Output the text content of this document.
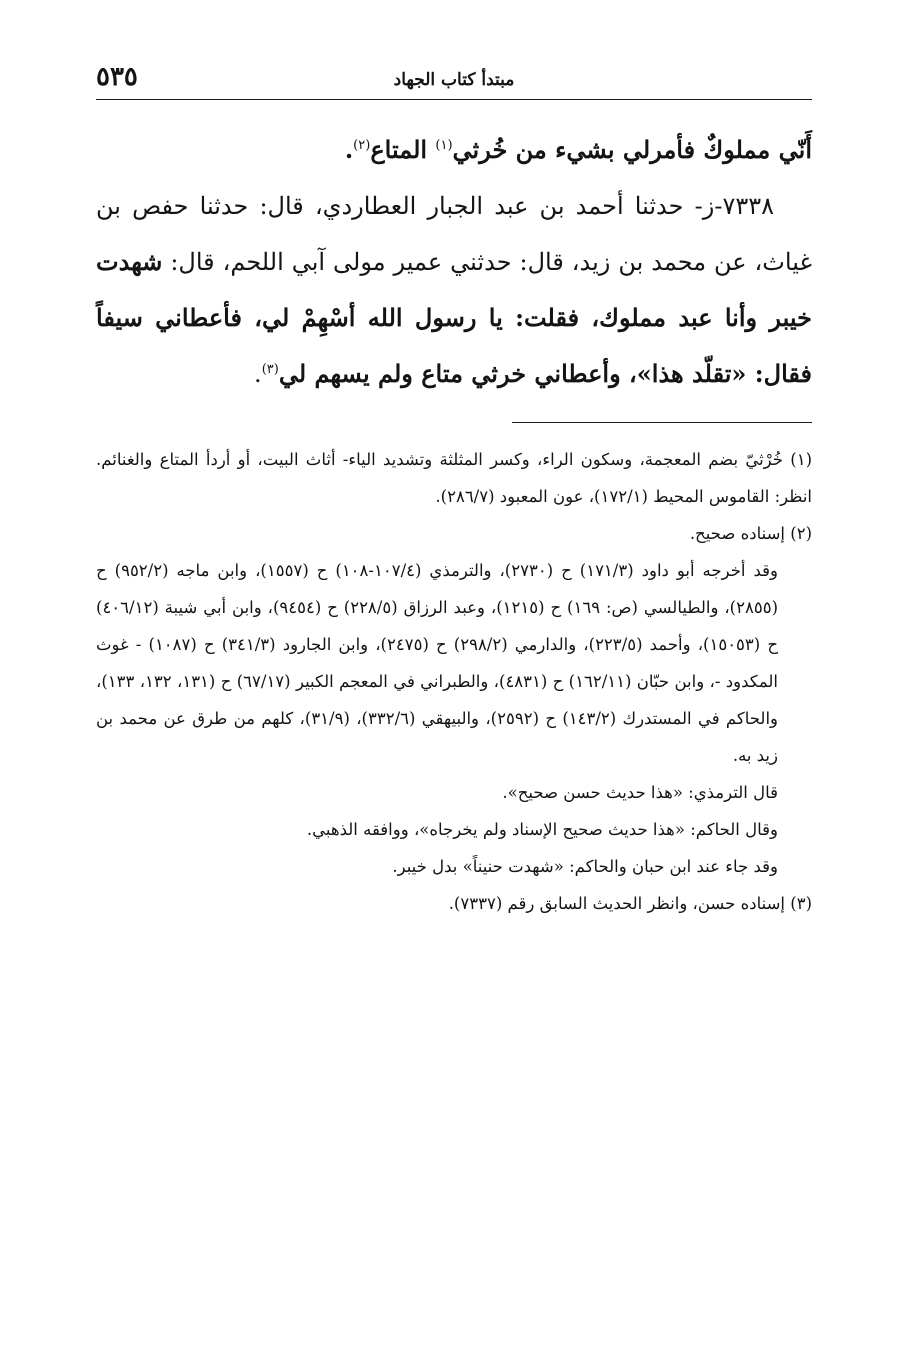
٥٣٥	مبتدأ كتاب الجهاد

أَنّي مملوكٌ فأمرلي بشيء من خُرثي$^{(١)}$ المتاع$^{(٢)}$.

٧٣٣٨-ز- حدثنا أحمد بن عبد الجبار العطاردي، قال: حدثنا حفص بن غياث، عن محمد بن زيد، قال: حدثني عمير مولى آبي اللحم، قال: شهدت خيبر وأنا عبد مملوك، فقلت: يا رسول الله أسْهِمْ لي، فأعطاني سيفاً فقال: «تقلّد هذا»، وأعطاني خرثي متاع ولم يسهم لي$^{(٣)}$.

(١) خُرْثيّ بضم المعجمة، وسكون الراء، وكسر المثلثة وتشديد الياء- أثاث البيت، أو أردأ المتاع والغنائم. انظر: القاموس المحيط (١٧٢/١)، عون المعبود (٢٨٦/٧).

(٢) إسناده صحيح.

وقد أخرجه أبو داود (١٧١/٣) ح (٢٧٣٠)، والترمذي (١٠٧/٤-١٠٨) ح (١٥٥٧)، وابن ماجه (٩٥٢/٢) ح (٢٨٥٥)، والطيالسي (ص: ١٦٩) ح (١٢١٥)، وعبد الرزاق (٢٢٨/٥) ح (٩٤٥٤)، وابن أبي شيبة (٤٠٦/١٢) ح (١٥٠٥٣)، وأحمد (٢٢٣/٥)، والدارمي (٢٩٨/٢) ح (٢٤٧٥)، وابن الجارود (٣٤١/٣) ح (١٠٨٧) - غوث المكدود -، وابن حبّان (١٦٢/١١) ح (٤٨٣١)، والطبراني في المعجم الكبير (٦٧/١٧) ح (١٣١، ١٣٢، ١٣٣)، والحاكم في المستدرك (١٤٣/٢) ح (٢٥٩٢)، والبيهقي (٣٣٢/٦)، (٣١/٩)، كلهم من طرق عن محمد بن زيد به.

قال الترمذي: «هذا حديث حسن صحيح».

وقال الحاكم: «هذا حديث صحيح الإسناد ولم يخرجاه»، ووافقه الذهبي.

وقد جاء عند ابن حبان والحاكم: «شهدت حنيناً» بدل خيبر.

(٣) إسناده حسن، وانظر الحديث السابق رقم (٧٣٣٧).
